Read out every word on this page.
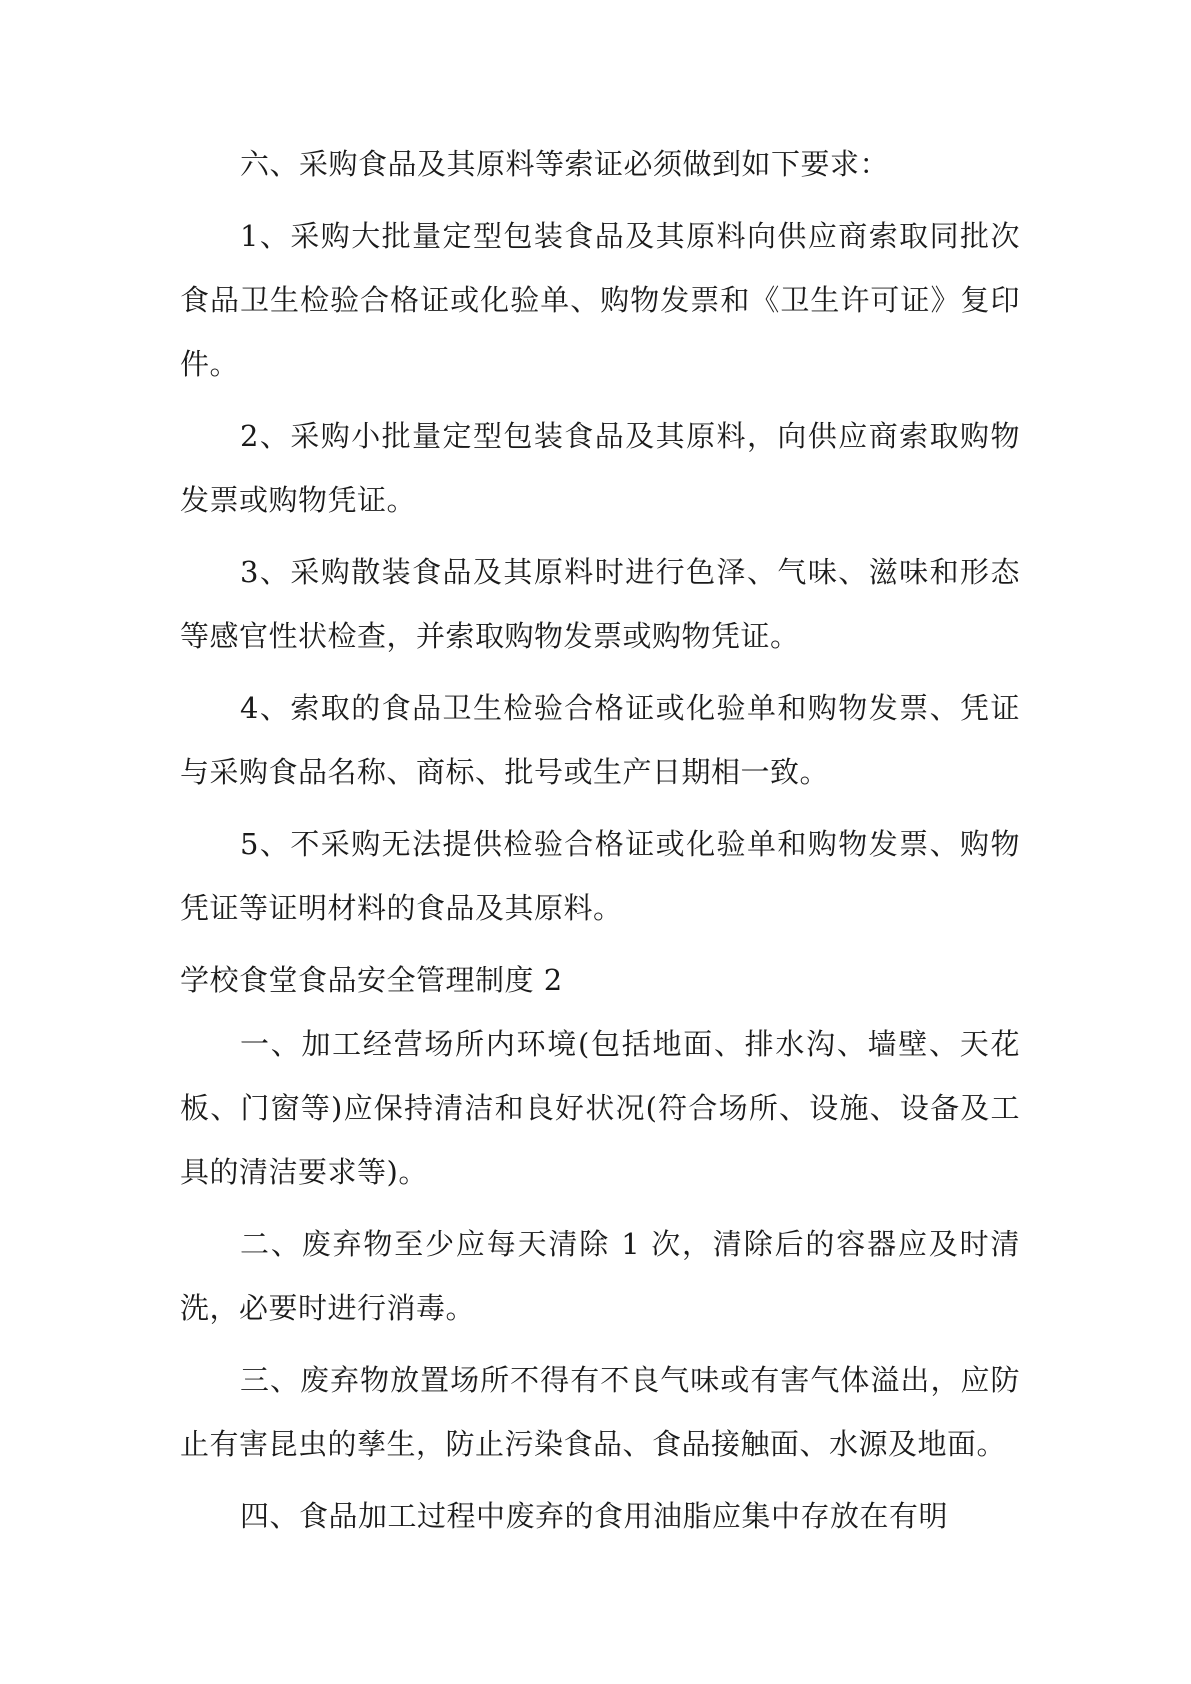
六、采购食品及其原料等索证必须做到如下要求：

1、采购大批量定型包装食品及其原料向供应商索取同批次食品卫生检验合格证或化验单、购物发票和《卫生许可证》复印件。

2、采购小批量定型包装食品及其原料，向供应商索取购物发票或购物凭证。

3、采购散装食品及其原料时进行色泽、气味、滋味和形态等感官性状检查，并索取购物发票或购物凭证。

4、索取的食品卫生检验合格证或化验单和购物发票、凭证与采购食品名称、商标、批号或生产日期相一致。

5、不采购无法提供检验合格证或化验单和购物发票、购物凭证等证明材料的食品及其原料。

学校食堂食品安全管理制度 2

一、加工经营场所内环境(包括地面、排水沟、墙壁、天花板、门窗等)应保持清洁和良好状况(符合场所、设施、设备及工具的清洁要求等)。

二、废弃物至少应每天清除 1 次，清除后的容器应及时清洗，必要时进行消毒。

三、废弃物放置场所不得有不良气味或有害气体溢出，应防止有害昆虫的孳生，防止污染食品、食品接触面、水源及地面。

四、食品加工过程中废弃的食用油脂应集中存放在有明
